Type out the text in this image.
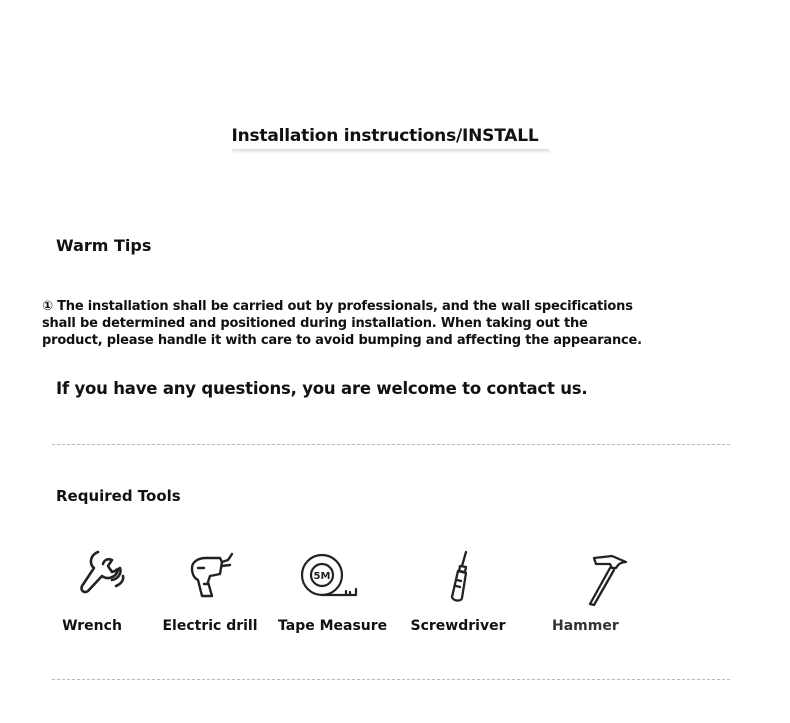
Installation instructions/INSTALL
Warm Tips
① The installation shall be carried out by professionals, and the wall specifications
shall be determined and positioned during installation. When taking out the
product, please handle it with care to avoid bumping and affecting the appearance.
If you have any questions, you are welcome to contact us.
Required Tools
5M
Wrench	Electric drill Tape Measure Screwdriver	Hammer
